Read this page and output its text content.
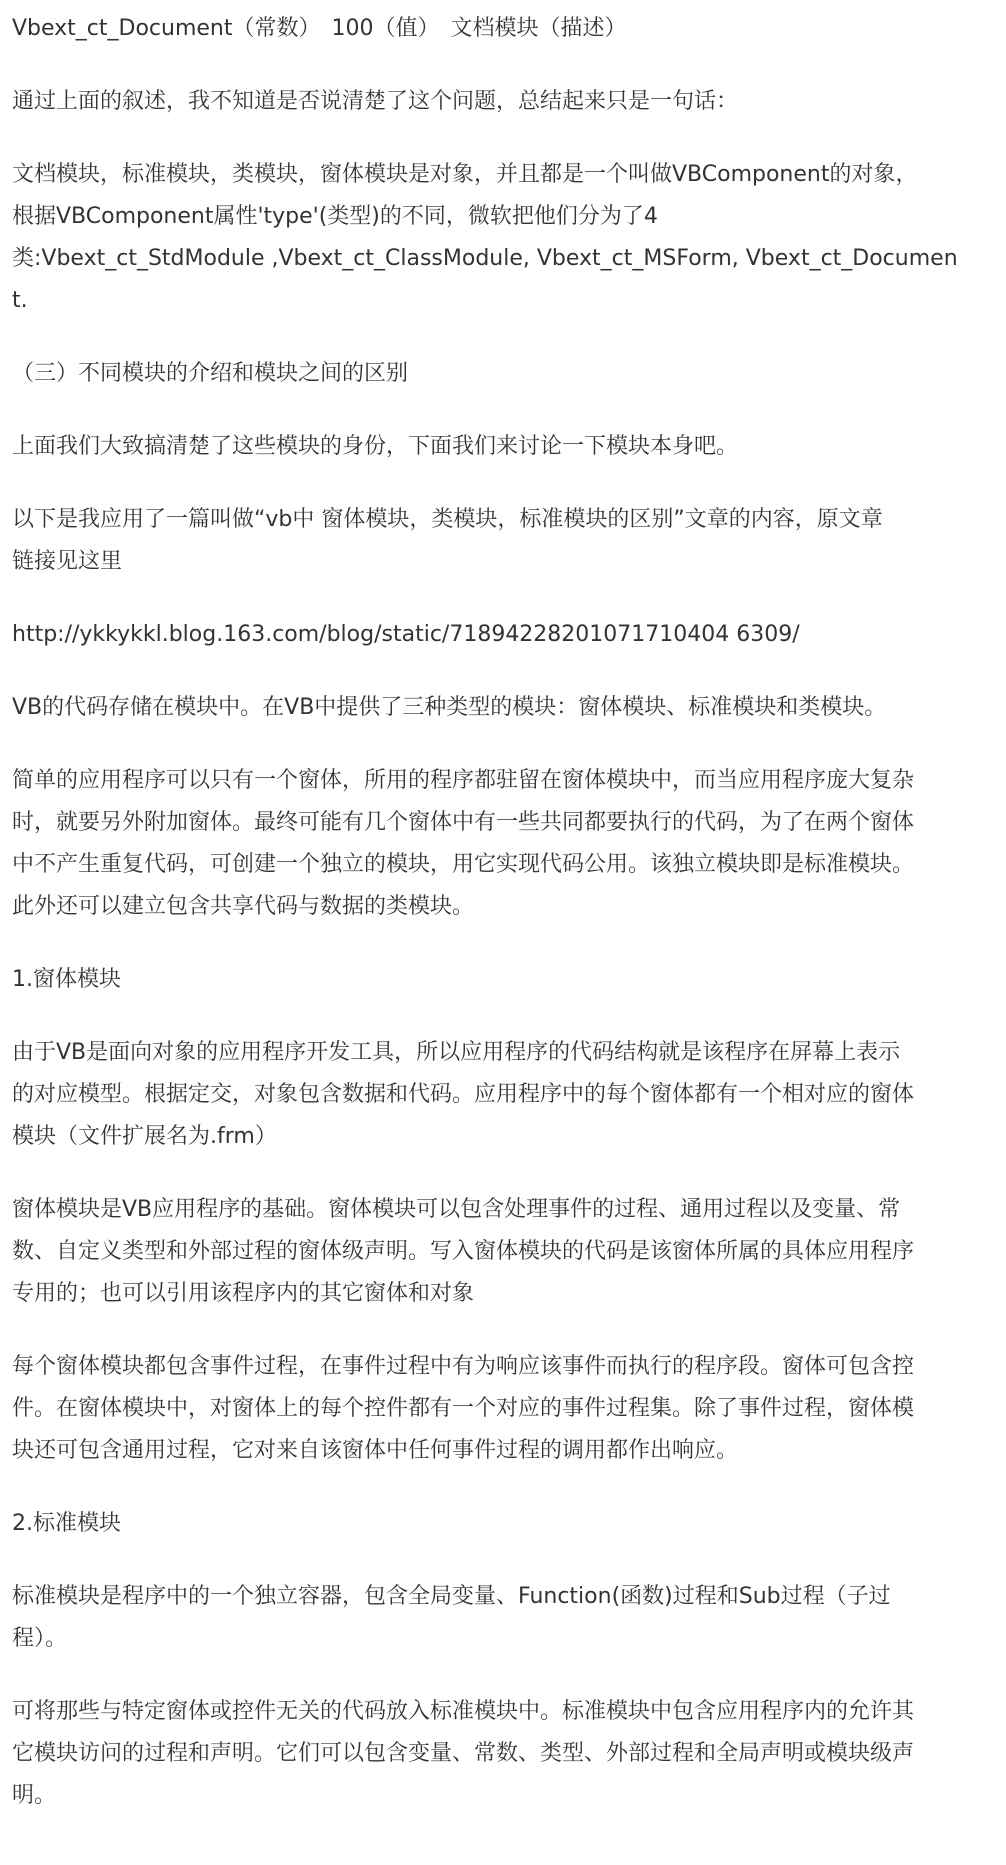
Vbext_ct_Document（常数）　100（值）　文档模块（描述）

通过上面的叙述，我不知道是否说清楚了这个问题，总结起来只是一句话：

文档模块，标准模块，类模块，窗体模块是对象，并且都是一个叫做VBComponent的对象，
根据VBComponent属性'type'(类型)的不同，微软把他们分为了4
类:Vbext_ct_StdModule ,Vbext_ct_ClassModule, Vbext_ct_MSForm, Vbext_ct_Documen
t.

（三）不同模块的介绍和模块之间的区别

上面我们大致搞清楚了这些模块的身份，下面我们来讨论一下模块本身吧。

以下是我应用了一篇叫做“vb中 窗体模块，类模块，标准模块的区别”文章的内容，原文章
链接见这里

http://ykkykkl.blog.163.com/blog/static/71894228201071710404 6309/

VB的代码存储在模块中。在VB中提供了三种类型的模块：窗体模块、标准模块和类模块。

简单的应用程序可以只有一个窗体，所用的程序都驻留在窗体模块中，而当应用程序庞大复杂
时，就要另外附加窗体。最终可能有几个窗体中有一些共同都要执行的代码，为了在两个窗体
中不产生重复代码，可创建一个独立的模块，用它实现代码公用。该独立模块即是标准模块。
此外还可以建立包含共享代码与数据的类模块。

1.窗体模块

由于VB是面向对象的应用程序开发工具，所以应用程序的代码结构就是该程序在屏幕上表示
的对应模型。根据定交，对象包含数据和代码。应用程序中的每个窗体都有一个相对应的窗体
模块（文件扩展名为.frm）

窗体模块是VB应用程序的基础。窗体模块可以包含处理事件的过程、通用过程以及变量、常
数、自定义类型和外部过程的窗体级声明。写入窗体模块的代码是该窗体所属的具体应用程序
专用的；也可以引用该程序内的其它窗体和对象

每个窗体模块都包含事件过程，在事件过程中有为响应该事件而执行的程序段。窗体可包含控
件。在窗体模块中，对窗体上的每个控件都有一个对应的事件过程集。除了事件过程，窗体模
块还可包含通用过程，它对来自该窗体中任何事件过程的调用都作出响应。

2.标准模块

标准模块是程序中的一个独立容器，包含全局变量、Function(函数)过程和Sub过程（子过
程）。

可将那些与特定窗体或控件无关的代码放入标准模块中。标准模块中包含应用程序内的允许其
它模块访问的过程和声明。它们可以包含变量、常数、类型、外部过程和全局声明或模块级声
明。
